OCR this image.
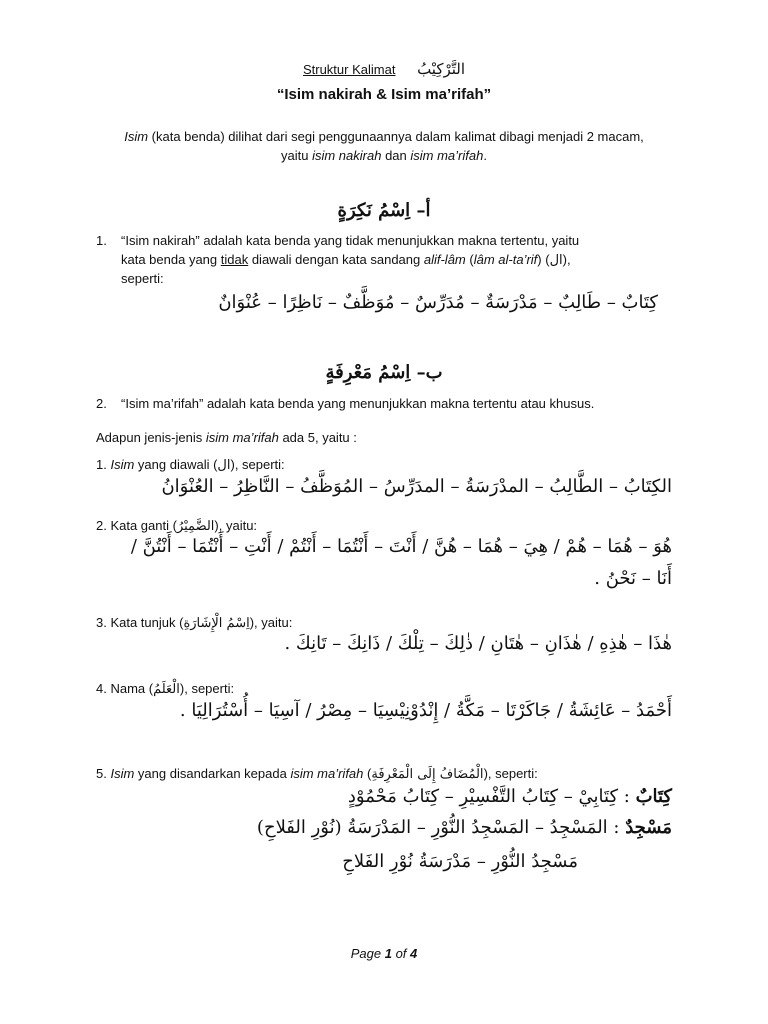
Struktur Kalimat التَّرْكِيْبُ
“Isim nakirah & Isim ma’rifah”
Isim (kata benda) dilihat dari segi penggunaannya dalam kalimat dibagi menjadi 2 macam,
yaitu isim nakirah dan isim ma’rifah.
أ– اِسْمُ نَكِرَةٍ
1. “Isim nakirah” adalah kata benda yang tidak menunjukkan makna tertentu, yaitu
kata benda yang tidak diawali dengan kata sandang alif-lâm (lâm al-ta’rif) (ال),
seperti:
كِتَابٌ – طَالِبٌ – مَدْرَسَةٌ – مُدَرِّسٌ – مُوَظَّفٌ – نَاظِرًا – عُنْوَانٌ
ب– اِسْمُ مَعْرِفَةٍ
2. “Isim ma’rifah” adalah kata benda yang menunjukkan makna tertentu atau khusus.
Adapun jenis-jenis isim ma’rifah ada 5, yaitu :
1. Isim yang diawali (ال), seperti:
الكِتَابُ – الطَّالِبُ – المدْرَسَةُ – المدَرِّسُ – المُوَظَّفُ – النَّاظِرُ – العُنْوَانُ
2. Kata ganti (الضَّمِيْرُ), yaitu:
هُوَ – هُمَا – هُمْ / هِيَ – هُمَا – هُنَّ / أَنْتَ – أَنْتُمَا – أَنْتُمْ / أَنْتِ – أَنْتُمَا – أَنْتُنَّ /
أَنَا – نَحْنُ .
3. Kata tunjuk (اِسْمُ الْإِشَارَةِ), yaitu:
هٰذَا – هٰذِهِ / هٰذَانِ – هٰتَانِ / ذٰلِكَ – تِلْكَ / ذَانِكَ – تَانِكَ .
4. Nama (الْعَلَمُ), seperti:
أَحْمَدُ – عَائِشَةُ / جَاكَرْتَا – مَكَّةُ / إِنْدُوْنِيْسِيَا – مِصْرُ / آسِيَا – أُسْتُرَالِيَا .
5. Isim yang disandarkan kepada isim ma’rifah (الْمُضَافُ إِلَى الْمَعْرِفَةِ), seperti:
كِتَابٌ : كِتَابِيْ – كِتَابُ التَّفْسِيْرِ – كِتَابُ مَحْمُوْدٍ
مَسْجِدٌ : المَسْجِدُ – المَسْجِدُ النُّوْرِ – المَدْرَسَةُ (نُوْرِ الفَلاحِ)
مَسْجِدُ النُّوْرِ – مَدْرَسَةُ نُوْرِ الفَلاحِ
Page 1 of 4
